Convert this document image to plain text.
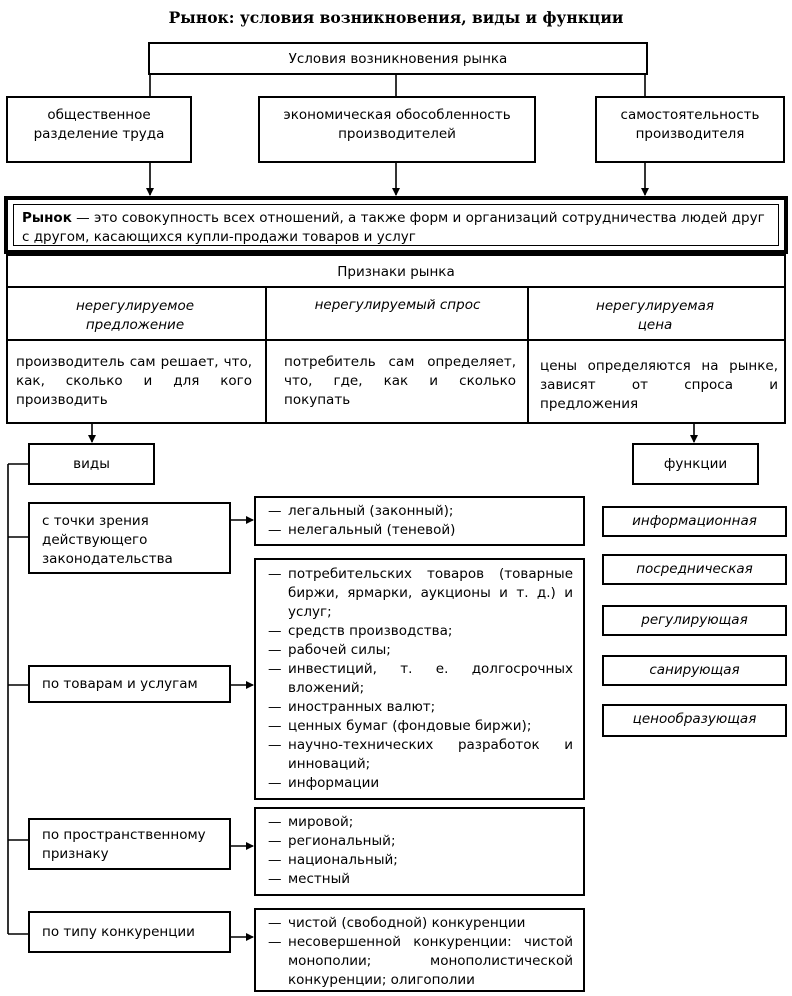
Рынок: условия возникновения, виды и функции
Условия возникновения рынка
общественное разделение труда
экономическая обособленность производителей
самостоятельность производителя
Рынок — это совокупность всех отношений, а также форм и организаций сотрудничества людей друг с другом, касающихся купли-продажи товаров и услуг
Признаки рынка
нерегулируемое предложение
нерегулируемый спрос	нерегулируемая цена
производитель сам решает, что, как, сколько и для кого производить
потребитель сам определяет, что, где, как и сколько покупать
цены определяются на рынке, зависят от спроса и предложения
виды
с точки зрения действующего законодательства
по товарам и услугам
по пространственному признаку
по типу конкуренции
— легальный (законный);
— нелегальный (теневой)
— потребительских товаров (товарные биржи, ярмарки, аукционы и т. д.) и услуг;
— средств производства;
— рабочей силы;
— инвестиций, т. е. долгосрочных вложений;
— иностранных валют;
— ценных бумаг (фондовые биржи);
— научно-технических разработок и инноваций;
— информации
— мировой;
— региональный;
— национальный;
— местный
— чистой (свободной) конкуренции
— несовершенной конкуренции: чистой монополии; монополистической конкуренции; олигополии
функции
информационная
посредническая
регулирующая
санирующая
ценообразующая
